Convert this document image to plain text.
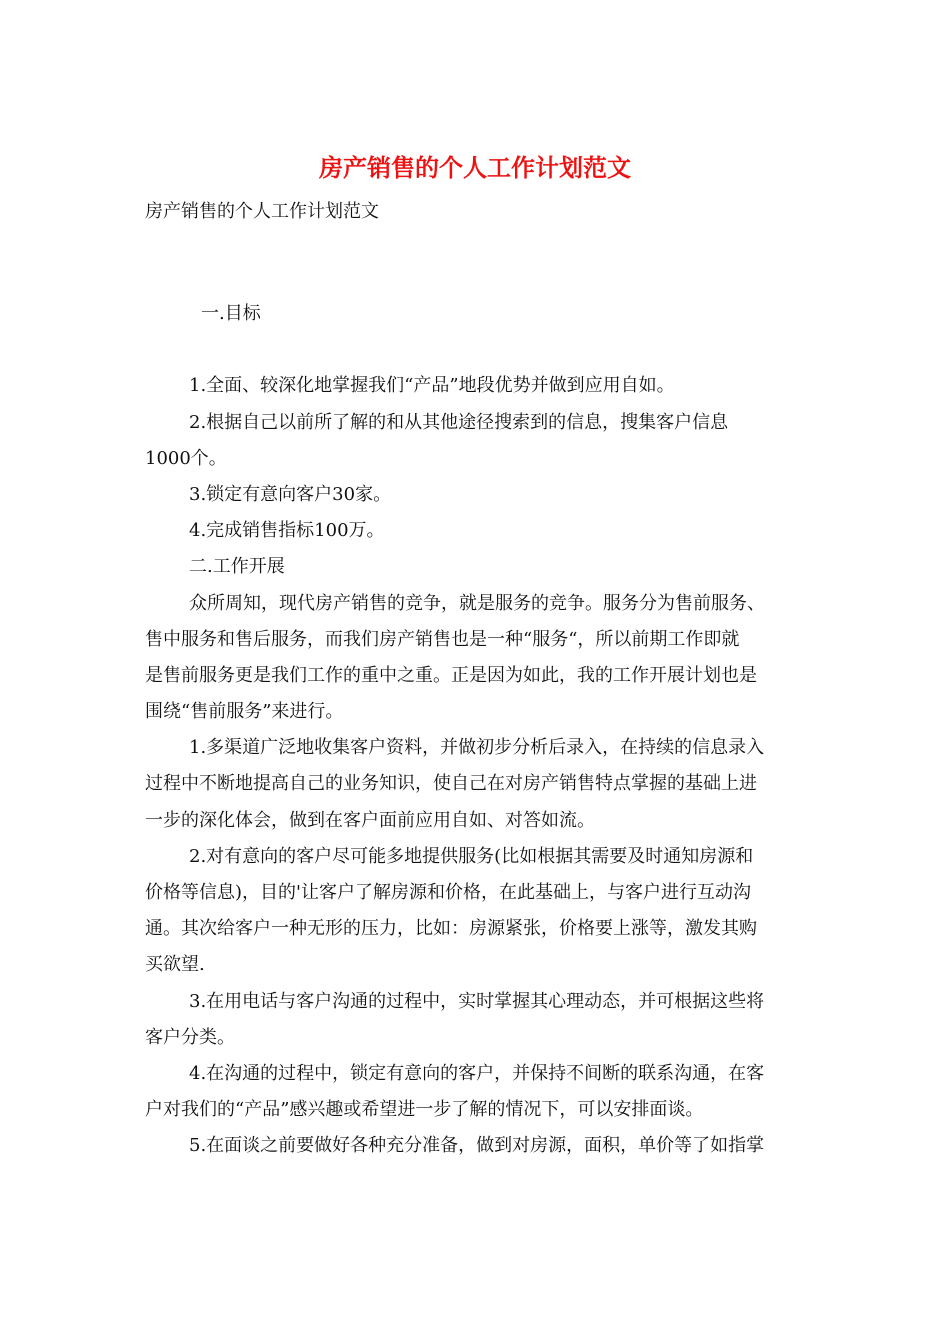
房产销售的个人工作计划范文
房产销售的个人工作计划范文
一.目标
1.全面、较深化地掌握我们“产品”地段优势并做到应用自如。
2.根据自己以前所了解的和从其他途径搜索到的信息，搜集客户信息
1000个。
3.锁定有意向客户30家。
4.完成销售指标100万。
二.工作开展
众所周知，现代房产销售的竞争，就是服务的竞争。服务分为售前服务、
售中服务和售后服务，而我们房产销售也是一种“服务“，所以前期工作即就
是售前服务更是我们工作的重中之重。正是因为如此，我的工作开展计划也是
围绕“售前服务”来进行。
1.多渠道广泛地收集客户资料，并做初步分析后录入，在持续的信息录入
过程中不断地提高自己的业务知识，使自己在对房产销售特点掌握的基础上进
一步的深化体会，做到在客户面前应用自如、对答如流。
2.对有意向的客户尽可能多地提供服务(比如根据其需要及时通知房源和
价格等信息)，目的'让客户了解房源和价格，在此基础上，与客户进行互动沟
通。其次给客户一种无形的压力，比如：房源紧张，价格要上涨等，激发其购
买欲望.
3.在用电话与客户沟通的过程中，实时掌握其心理动态，并可根据这些将
客户分类。
4.在沟通的过程中，锁定有意向的客户，并保持不间断的联系沟通，在客
户对我们的“产品”感兴趣或希望进一步了解的情况下，可以安排面谈。
5.在面谈之前要做好各种充分准备，做到对房源，面积，单价等了如指掌
